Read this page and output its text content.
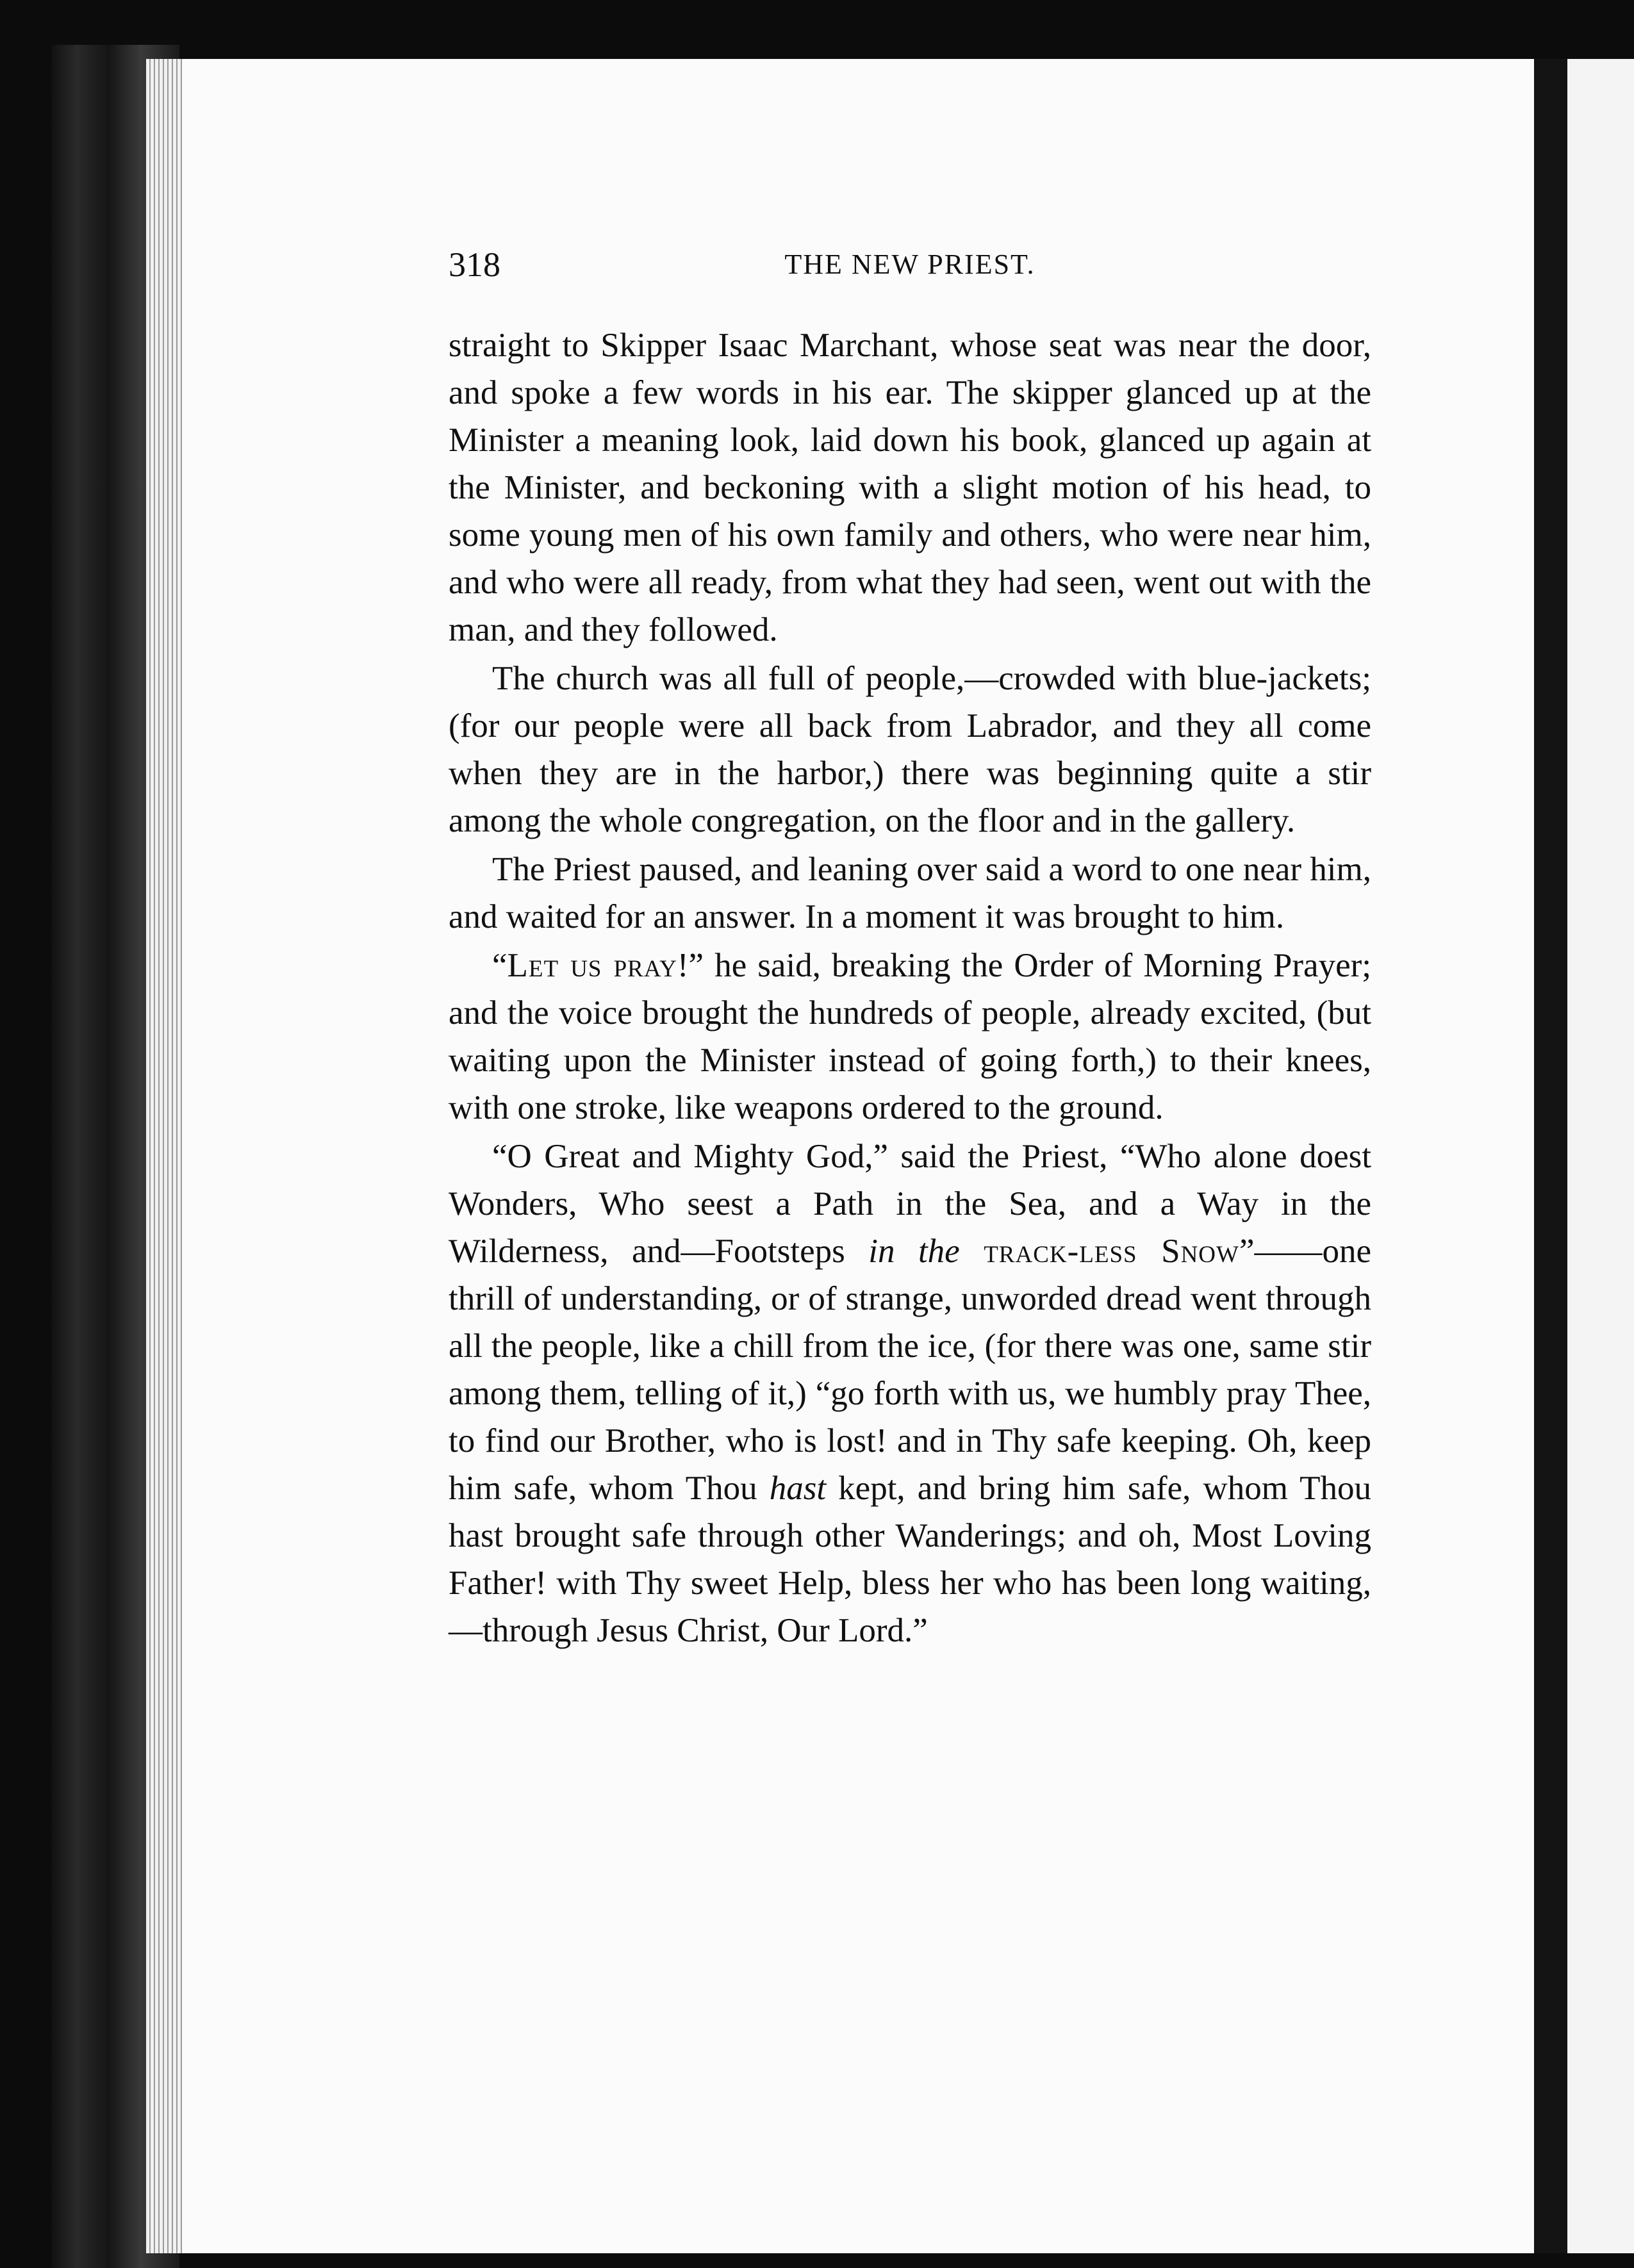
318	THE NEW PRIEST.

straight to Skipper Isaac Marchant, whose seat was near the door, and spoke a few words in his ear. The skipper glanced up at the Minister a meaning look, laid down his book, glanced up again at the Minister, and beckoning with a slight motion of his head, to some young men of his own family and others, who were near him, and who were all ready, from what they had seen, went out with the man, and they followed.

The church was all full of people,—crowded with blue-jackets; (for our people were all back from Labrador, and they all come when they are in the harbor,) there was beginning quite a stir among the whole congregation, on the floor and in the gallery.

The Priest paused, and leaning over said a word to one near him, and waited for an answer. In a moment it was brought to him.

“Let us pray!” he said, breaking the Order of Morning Prayer; and the voice brought the hundreds of people, already excited, (but waiting upon the Minister instead of going forth,) to their knees, with one stroke, like weapons ordered to the ground.

“O Great and Mighty God,” said the Priest, “Who alone doest Wonders, Who seest a Path in the Sea, and a Way in the Wilderness, and—Footsteps in the track-less Snow”——one thrill of understanding, or of strange, unworded dread went through all the people, like a chill from the ice, (for there was one, same stir among them, telling of it,) “go forth with us, we humbly pray Thee, to find our Brother, who is lost! and in Thy safe keeping. Oh, keep him safe, whom Thou hast kept, and bring him safe, whom Thou hast brought safe through other Wanderings; and oh, Most Loving Father! with Thy sweet Help, bless her who has been long waiting,—through Jesus Christ, Our Lord.”
